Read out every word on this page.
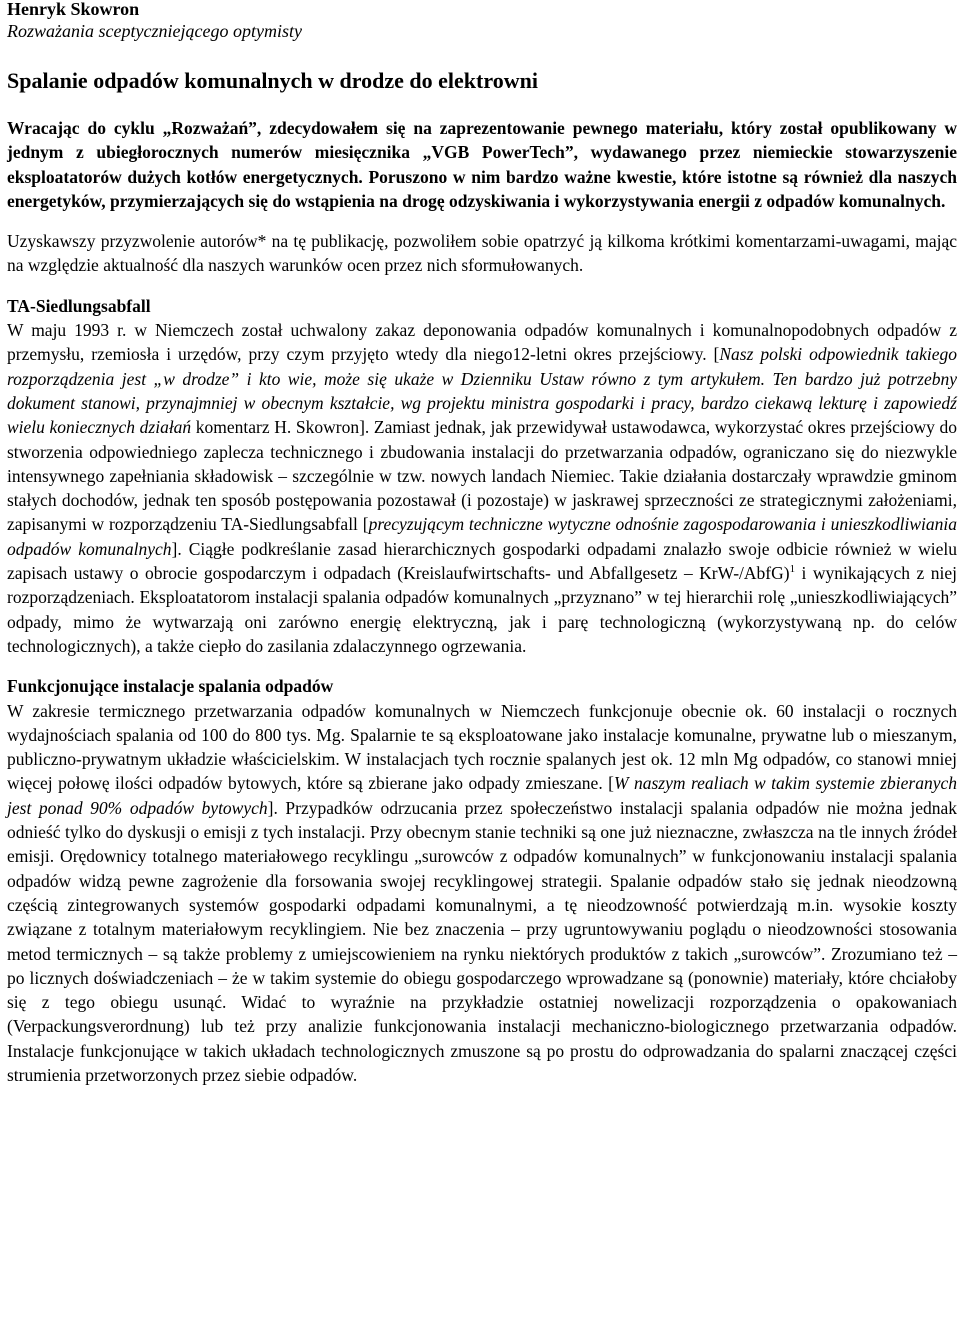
Henryk Skowron

Rozważania sceptyczniejącego optymisty

Spalanie odpadów komunalnych w drodze do elektrowni

Wracając do cyklu „Rozważań”, zdecydowałem się na zaprezentowanie pewnego materiału, który został opublikowany w jednym z ubiegłorocznych numerów miesięcznika „VGB PowerTech”, wydawanego przez niemieckie stowarzyszenie eksploatatorów dużych kotłów energetycznych. Poruszono w nim bardzo ważne kwestie, które istotne są również dla naszych energetyków, przymierzających się do wstąpienia na drogę odzyskiwania i wykorzystywania energii z odpadów komunalnych.

Uzyskawszy przyzwolenie autorów* na tę publikację, pozwoliłem sobie opatrzyć ją kilkoma krótkimi komentarzami-uwagami, mając na względzie aktualność dla naszych warunków ocen przez nich sformułowanych.

TA-Siedlungsabfall

W maju 1993 r. w Niemczech został uchwalony zakaz deponowania odpadów komunalnych i komunalnopodobnych odpadów z przemysłu, rzemiosła i urzędów, przy czym przyjęto wtedy dla niego12-letni okres przejściowy. [Nasz polski odpowiednik takiego rozporządzenia jest „w drodze” i kto wie, może się ukaże w Dzienniku Ustaw równo z tym artykułem. Ten bardzo już potrzebny dokument stanowi, przynajmniej w obecnym kształcie, wg projektu ministra gospodarki i pracy, bardzo ciekawą lekturę i zapowiedź wielu koniecznych działań komentarz H. Skowron]. Zamiast jednak, jak przewidywał ustawodawca, wykorzystać okres przejściowy do stworzenia odpowiedniego zaplecza technicznego i zbudowania instalacji do przetwarzania odpadów, ograniczano się do niezwykle intensywnego zapełniania składowisk – szczególnie w tzw. nowych landach Niemiec. Takie działania dostarczały wprawdzie gminom stałych dochodów, jednak ten sposób postępowania pozostawał (i pozostaje) w jaskrawej sprzeczności ze strategicznymi założeniami, zapisanymi w rozporządzeniu TA-Siedlungsabfall [precyzującym techniczne wytyczne odnośnie zagospodarowania i unieszkodliwiania odpadów komunalnych]. Ciągłe podkreślanie zasad hierarchicznych gospodarki odpadami znalazło swoje odbicie również w wielu zapisach ustawy o obrocie gospodarczym i odpadach (Kreislaufwirtschafts- und Abfallgesetz – KrW-/AbfG)$^1$ i wynikających z niej rozporządzeniach. Eksploatatorom instalacji spalania odpadów komunalnych „przyznano” w tej hierarchii rolę „unieszkodliwiających” odpady, mimo że wytwarzają oni zarówno energię elektryczną, jak i parę technologiczną (wykorzystywaną np. do celów technologicznych), a także ciepło do zasilania zdalaczynnego ogrzewania.

Funkcjonujące instalacje spalania odpadów

W zakresie termicznego przetwarzania odpadów komunalnych w Niemczech funkcjonuje obecnie ok. 60 instalacji o rocznych wydajnościach spalania od 100 do 800 tys. Mg. Spalarnie te są eksploatowane jako instalacje komunalne, prywatne lub o mieszanym, publiczno-prywatnym układzie właścicielskim. W instalacjach tych rocznie spalanych jest ok. 12 mln Mg odpadów, co stanowi mniej więcej połowę ilości odpadów bytowych, które są zbierane jako odpady zmieszane. [W naszym realiach w takim systemie zbieranych jest ponad 90% odpadów bytowych]. Przypadków odrzucania przez społeczeństwo instalacji spalania odpadów nie można jednak odnieść tylko do dyskusji o emisji z tych instalacji. Przy obecnym stanie techniki są one już nieznaczne, zwłaszcza na tle innych źródeł emisji. Orędownicy totalnego materiałowego recyklingu „surowców z odpadów komunalnych” w funkcjonowaniu instalacji spalania odpadów widzą pewne zagrożenie dla forsowania swojej recyklingowej strategii. Spalanie odpadów stało się jednak nieodzowną częścią zintegrowanych systemów gospodarki odpadami komunalnymi, a tę nieodzowność potwierdzają m.in. wysokie koszty związane z totalnym materiałowym recyklingiem. Nie bez znaczenia – przy ugruntowywaniu poglądu o nieodzowności stosowania metod termicznych – są także problemy z umiejscowieniem na rynku niektórych produktów z takich „surowców”. Zrozumiano też – po licznych doświadczeniach – że w takim systemie do obiegu gospodarczego wprowadzane są (ponownie) materiały, które chciałoby się z tego obiegu usunąć. Widać to wyraźnie na przykładzie ostatniej nowelizacji rozporządzenia o opakowaniach (Verpackungsverordnung) lub też przy analizie funkcjonowania instalacji mechaniczno-biologicznego przetwarzania odpadów. Instalacje funkcjonujące w takich układach technologicznych zmuszone są po prostu do odprowadzania do spalarni znaczącej części strumienia przetworzonych przez siebie odpadów.
